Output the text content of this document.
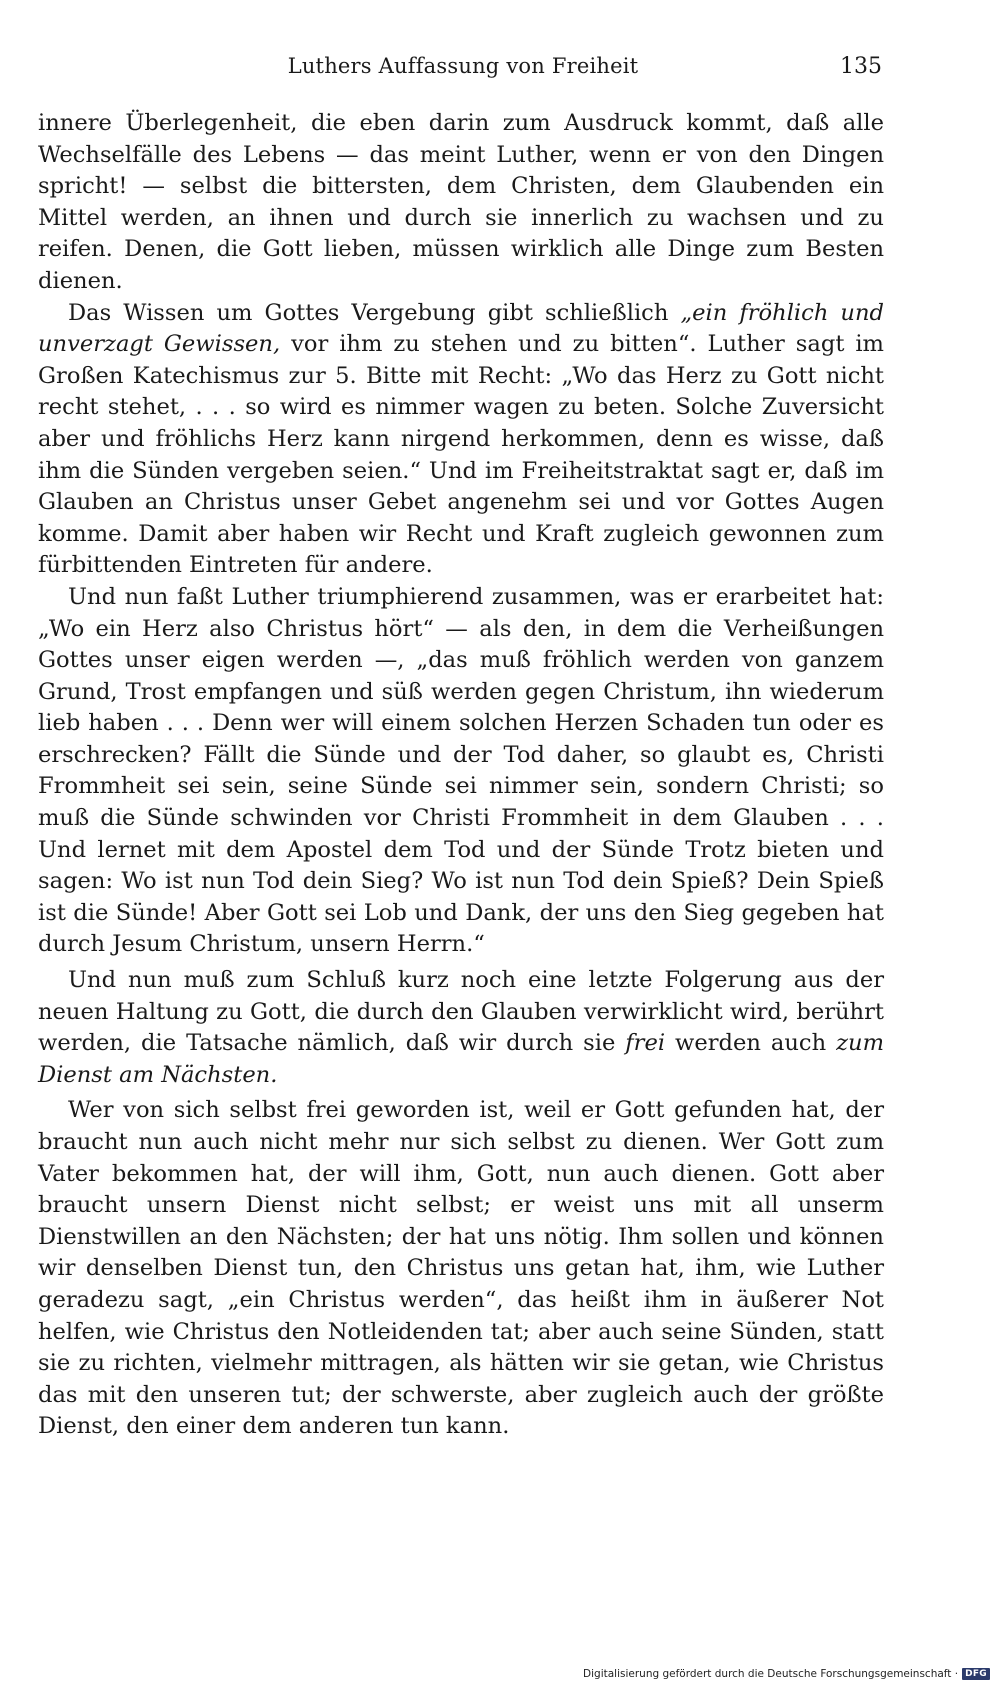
Luthers Auffassung von Freiheit	135

innere Überlegenheit, die eben darin zum Ausdruck kommt, daß alle Wechselfälle des Lebens — das meint Luther, wenn er von den Dingen spricht! — selbst die bittersten, dem Christen, dem Glaubenden ein Mittel werden, an ihnen und durch sie innerlich zu wachsen und zu reifen. Denen, die Gott lieben, müssen wirklich alle Dinge zum Besten dienen.

Das Wissen um Gottes Vergebung gibt schließlich „ein fröhlich und unverzagt Gewissen, vor ihm zu stehen und zu bitten“. Luther sagt im Großen Katechismus zur 5. Bitte mit Recht: „Wo das Herz zu Gott nicht recht stehet, . . . so wird es nimmer wagen zu beten. Solche Zuversicht aber und fröhlichs Herz kann nirgend herkommen, denn es wisse, daß ihm die Sünden vergeben seien.“ Und im Freiheitstraktat sagt er, daß im Glauben an Christus unser Gebet angenehm sei und vor Gottes Augen komme. Damit aber haben wir Recht und Kraft zugleich gewonnen zum fürbittenden Eintreten für andere.

Und nun faßt Luther triumphierend zusammen, was er erarbeitet hat: „Wo ein Herz also Christus hört“ — als den, in dem die Verheißungen Gottes unser eigen werden —, „das muß fröhlich werden von ganzem Grund, Trost empfangen und süß werden gegen Christum, ihn wiederum lieb haben . . . Denn wer will einem solchen Herzen Schaden tun oder es erschrecken? Fällt die Sünde und der Tod daher, so glaubt es, Christi Frommheit sei sein, seine Sünde sei nimmer sein, sondern Christi; so muß die Sünde schwinden vor Christi Frommheit in dem Glauben . . . Und lernet mit dem Apostel dem Tod und der Sünde Trotz bieten und sagen: Wo ist nun Tod dein Sieg? Wo ist nun Tod dein Spieß? Dein Spieß ist die Sünde! Aber Gott sei Lob und Dank, der uns den Sieg gegeben hat durch Jesum Christum, unsern Herrn.“

Und nun muß zum Schluß kurz noch eine letzte Folgerung aus der neuen Haltung zu Gott, die durch den Glauben verwirklicht wird, berührt werden, die Tatsache nämlich, daß wir durch sie frei werden auch zum Dienst am Nächsten.

Wer von sich selbst frei geworden ist, weil er Gott gefunden hat, der braucht nun auch nicht mehr nur sich selbst zu dienen. Wer Gott zum Vater bekommen hat, der will ihm, Gott, nun auch dienen. Gott aber braucht unsern Dienst nicht selbst; er weist uns mit all unserm Dienstwillen an den Nächsten; der hat uns nötig. Ihm sollen und können wir denselben Dienst tun, den Christus uns getan hat, ihm, wie Luther geradezu sagt, „ein Christus werden“, das heißt ihm in äußerer Not helfen, wie Christus den Notleidenden tat; aber auch seine Sünden, statt sie zu richten, vielmehr mittragen, als hätten wir sie getan, wie Christus das mit den unseren tut; der schwerste, aber zugleich auch der größte Dienst, den einer dem anderen tun kann.

Digitalisierung gefördert durch die Deutsche Forschungsgemeinschaft · DFG
